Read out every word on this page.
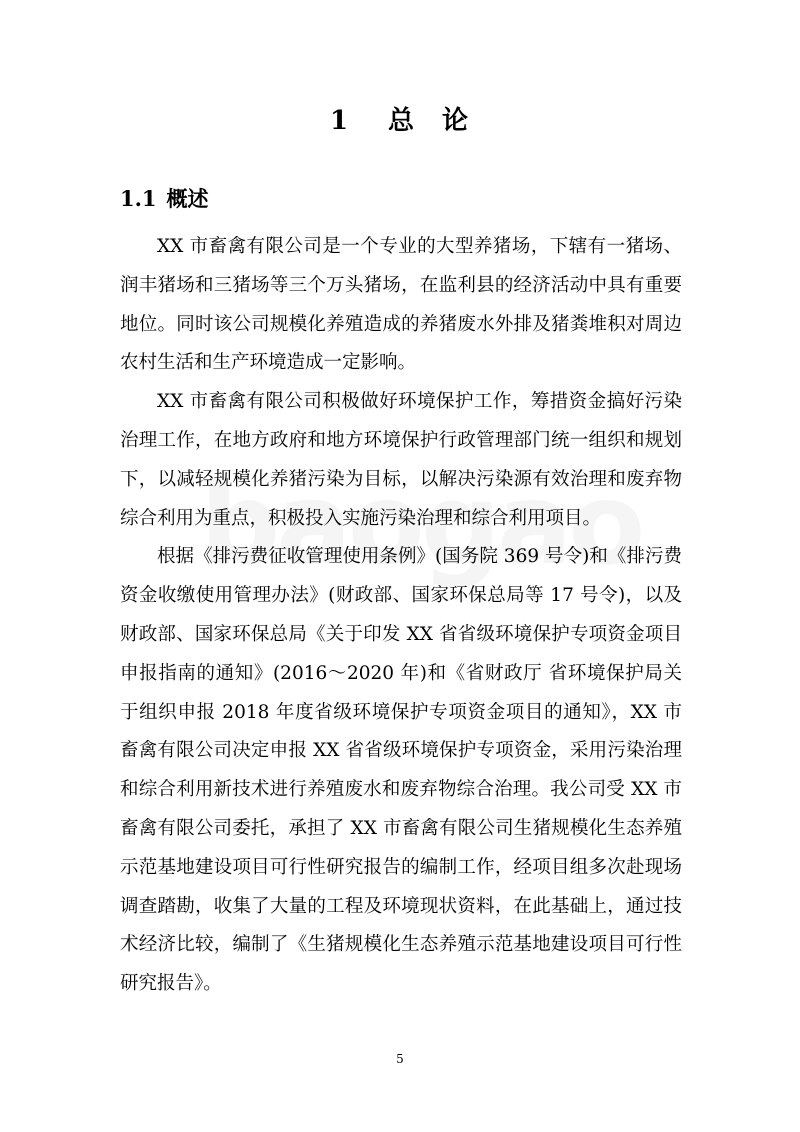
1 总 论
1.1 概述

XX 市畜禽有限公司是一个专业的大型养猪场，下辖有一猪场、润丰猪场和三猪场等三个万头猪场，在监利县的经济活动中具有重要地位。同时该公司规模化养殖造成的养猪废水外排及猪粪堆积对周边农村生活和生产环境造成一定影响。

XX 市畜禽有限公司积极做好环境保护工作，筹措资金搞好污染治理工作，在地方政府和地方环境保护行政管理部门统一组织和规划下，以减轻规模化养猪污染为目标，以解决污染源有效治理和废弃物综合利用为重点，积极投入实施污染治理和综合利用项目。

根据《排污费征收管理使用条例》(国务院 369 号令)和《排污费资金收缴使用管理办法》(财政部、国家环保总局等 17 号令)，以及财政部、国家环保总局《关于印发 XX 省省级环境保护专项资金项目申报指南的通知》(2016～2020 年)和《省财政厅 省环境保护局关于组织申报 2018 年度省级环境保护专项资金项目的通知》，XX 市畜禽有限公司决定申报 XX 省省级环境保护专项资金，采用污染治理和综合利用新技术进行养殖废水和废弃物综合治理。我公司受 XX 市畜禽有限公司委托，承担了 XX 市畜禽有限公司生猪规模化生态养殖示范基地建设项目可行性研究报告的编制工作，经项目组多次赴现场调查踏勘，收集了大量的工程及环境现状资料，在此基础上，通过技术经济比较，编制了《生猪规模化生态养殖示范基地建设项目可行性研究报告》。

5
